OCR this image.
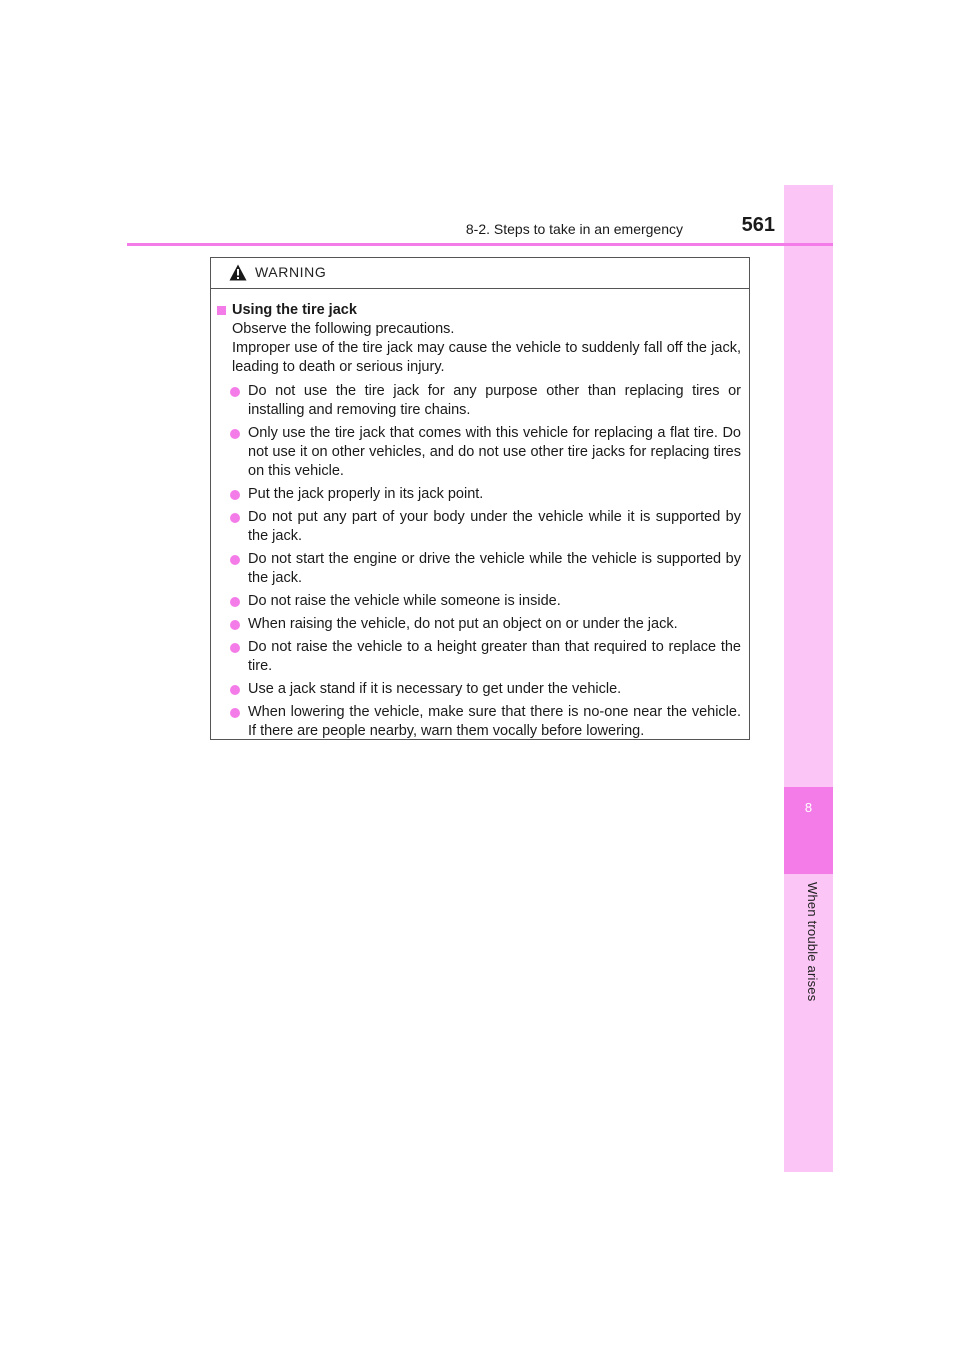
8
When trouble arises
8-2. Steps to take in an emergency	561
WARNING
Using the tire jack

Observe the following precautions.

Improper use of the tire jack may cause the vehicle to suddenly fall off the jack, leading to death or serious injury.

Do not use the tire jack for any purpose other than replacing tires or installing and removing tire chains.
Only use the tire jack that comes with this vehicle for replacing a flat tire. Do not use it on other vehicles, and do not use other tire jacks for replacing tires on this vehicle.
Put the jack properly in its jack point.
Do not put any part of your body under the vehicle while it is supported by the jack.
Do not start the engine or drive the vehicle while the vehicle is supported by the jack.
Do not raise the vehicle while someone is inside.
When raising the vehicle, do not put an object on or under the jack.
Do not raise the vehicle to a height greater than that required to replace the tire.
Use a jack stand if it is necessary to get under the vehicle.
When lowering the vehicle, make sure that there is no-one near the vehicle. If there are people nearby, warn them vocally before lowering.
